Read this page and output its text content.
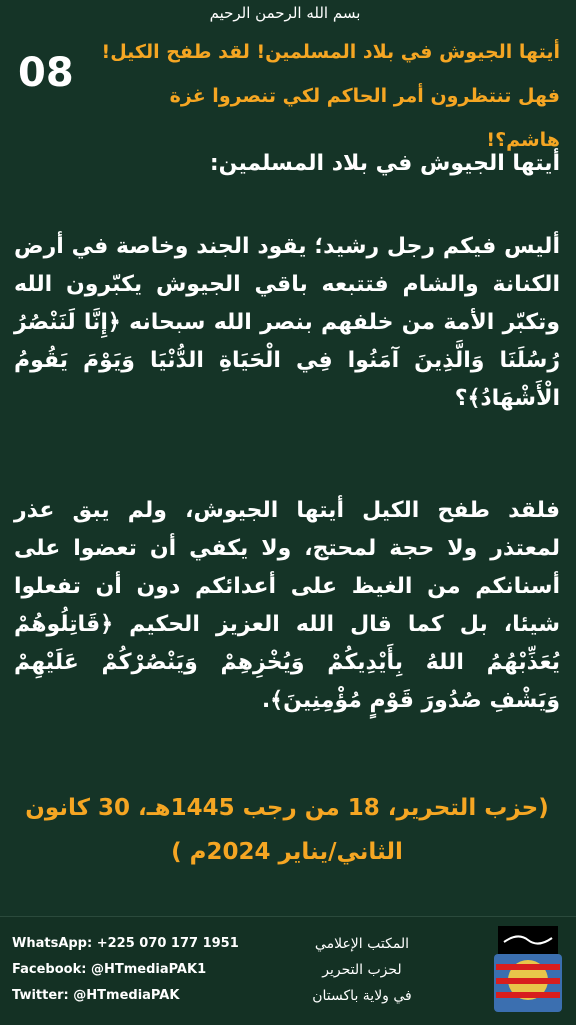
بسم الله الرحمن الرحيم
أيتها الجيوش في بلاد المسلمين! لقد طفح الكيل!
فهل تنتظرون أمر الحاكم لكي تنصروا غزة هاشم؟!
08
أيتها الجيوش في بلاد المسلمين:
أليس فيكم رجل رشيد؛ يقود الجند وخاصة في أرض الكنانة والشام فتتبعه باقي الجيوش يكبّرون الله وتكبّر الأمة من خلفهم بنصر الله سبحانه ﴿إِنَّا لَنَنْصُرُ رُسُلَنَا وَالَّذِينَ آمَنُوا فِي الْحَيَاةِ الدُّنْيَا وَيَوْمَ يَقُومُ الْأَشْهَادُ﴾؟
فلقد طفح الكيل أيتها الجيوش، ولم يبق عذر لمعتذر ولا حجة لمحتج، ولا يكفي أن تعضوا على أسنانكم من الغيظ على أعدائكم دون أن تفعلوا شيئا، بل كما قال الله العزيز الحكيم ﴿قَاتِلُوهُمْ يُعَذِّبْهُمُ اللهُ بِأَيْدِيكُمْ وَيُخْزِهِمْ وَيَنْصُرْكُمْ عَلَيْهِمْ وَيَشْفِ صُدُورَ قَوْمٍ مُؤْمِنِينَ﴾.
(حزب التحرير، 18 من رجب 1445هـ، 30 كانون الثاني/يناير 2024م )
WhatsApp: +225 070 177 1951
Facebook: @HTmediaPAK1
Twitter: @HTmediaPAK
المكتب الإعلامي
لحزب التحرير
في ولاية باكستان
